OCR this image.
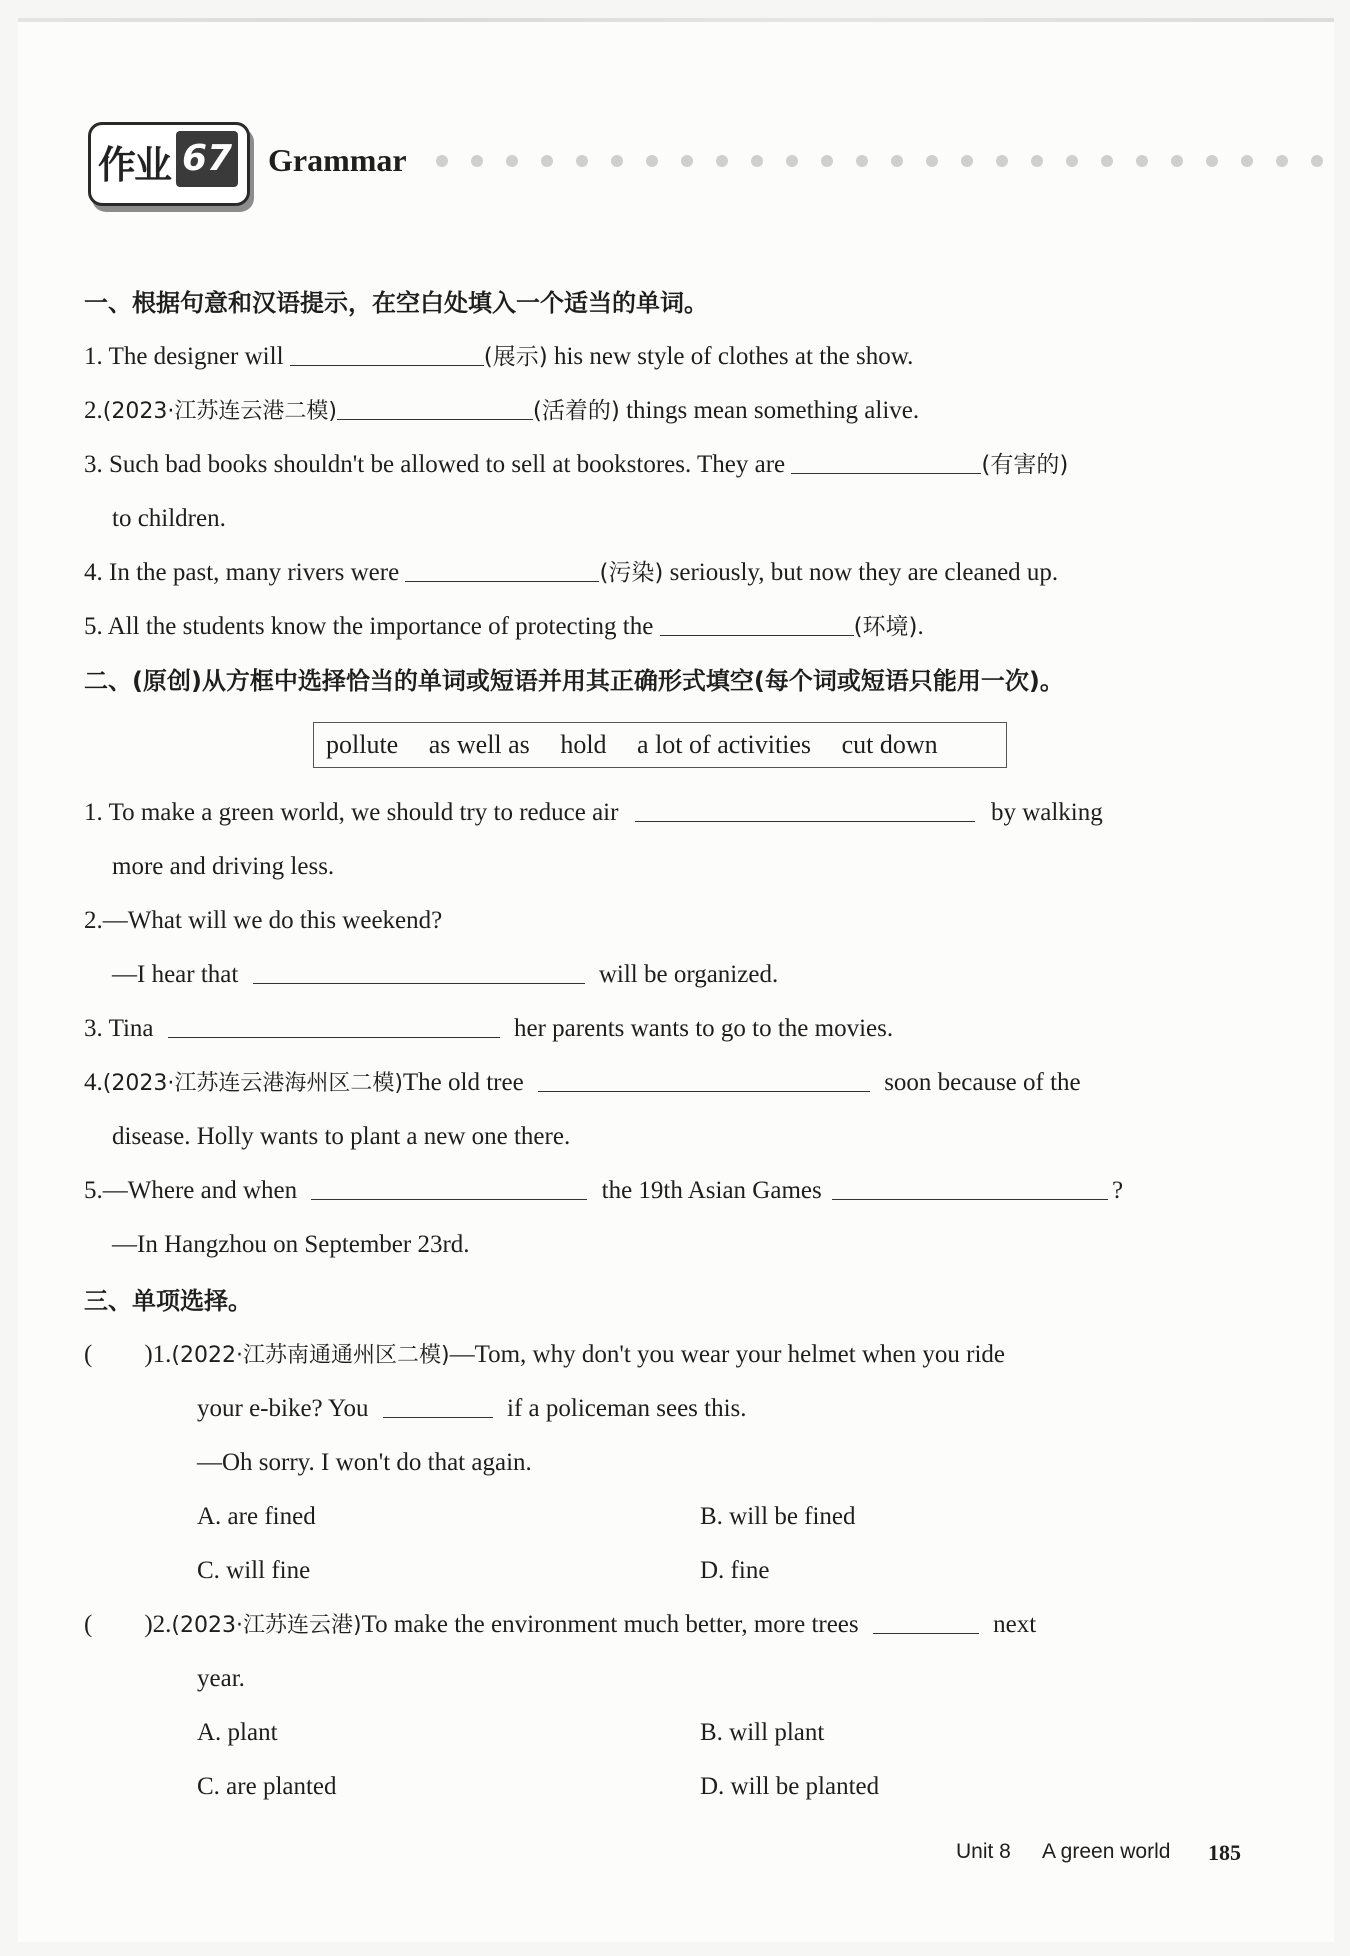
作业 67 Grammar
一、根据句意和汉语提示，在空白处填入一个适当的单词。
1. The designer will	(展示) his new style of clothes at the show.
2.(2023·江苏连云港二模)	(活着的) things mean something alive.
3. Such bad books shouldn't be allowed to sell at bookstores. They are	(有害的)
to children.
4. In the past, many rivers were	(污染) seriously, but now they are cleaned up.
5. All the students know the importance of protecting the	(环境).
二、(原创)从方框中选择恰当的单词或短语并用其正确形式填空(每个词或短语只能用一次)。
pollute as well as hold a lot of activities cut down
1. To make a green world, we should try to reduce air	by walking
more and driving less.
2.—What will we do this weekend?
—I hear that	will be organized.
3. Tina	her parents wants to go to the movies.
4.(2023·江苏连云港海州区二模)The old tree	soon because of the
disease. Holly wants to plant a new one there.
5.—Where and when	the 19th Asian Games	?
—In Hangzhou on September 23rd.
三、单项选择。
( )1.(2022·江苏南通通州区二模)—Tom, why don't you wear your helmet when you ride
your e-bike? You	if a policeman sees this.
—Oh sorry. I won't do that again.
A. are fined	B. will be fined
C. will fine	D. fine
( )2.(2023·江苏连云港)To make the environment much better, more trees	next
year.
A. plant	B. will plant
C. are planted	D. will be planted
Unit 8 A green world 185
